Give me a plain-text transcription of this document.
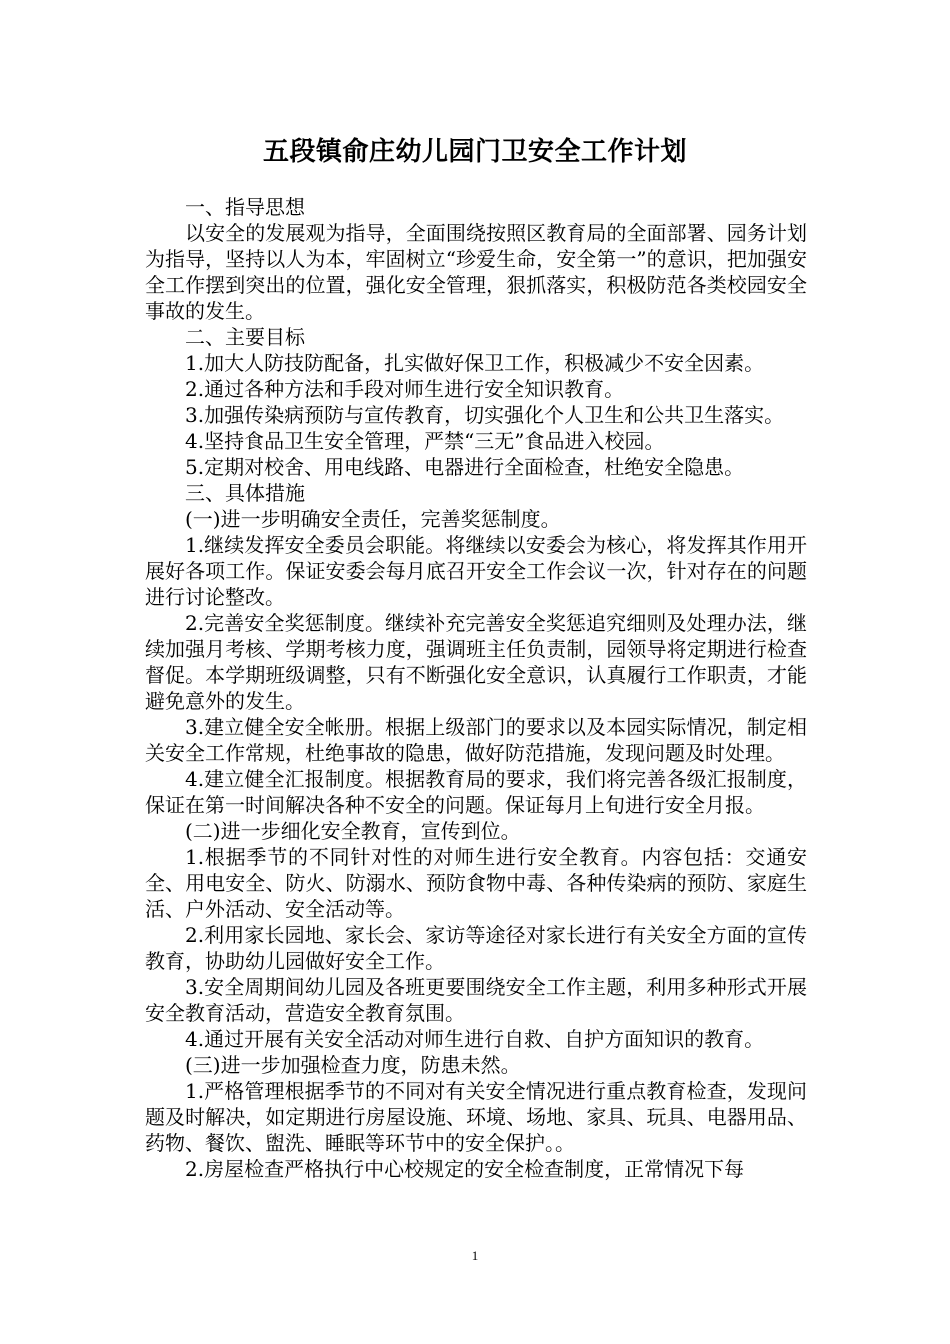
五段镇俞庄幼儿园门卫安全工作计划

一、指导思想

以安全的发展观为指导，全面围绕按照区教育局的全面部署、园务计划为指导，坚持以人为本，牢固树立“珍爱生命，安全第一”的意识，把加强安全工作摆到突出的位置，强化安全管理，狠抓落实，积极防范各类校园安全事故的发生。

二、主要目标

1.加大人防技防配备，扎实做好保卫工作，积极减少不安全因素。

2.通过各种方法和手段对师生进行安全知识教育。

3.加强传染病预防与宣传教育，切实强化个人卫生和公共卫生落实。

4.坚持食品卫生安全管理，严禁“三无”食品进入校园。

5.定期对校舍、用电线路、电器进行全面检查，杜绝安全隐患。

三、具体措施

(一)进一步明确安全责任，完善奖惩制度。

1.继续发挥安全委员会职能。将继续以安委会为核心，将发挥其作用开展好各项工作。保证安委会每月底召开安全工作会议一次，针对存在的问题进行讨论整改。

2.完善安全奖惩制度。继续补充完善安全奖惩追究细则及处理办法，继续加强月考核、学期考核力度，强调班主任负责制，园领导将定期进行检查督促。本学期班级调整，只有不断强化安全意识，认真履行工作职责，才能避免意外的发生。

3.建立健全安全帐册。根据上级部门的要求以及本园实际情况，制定相关安全工作常规，杜绝事故的隐患，做好防范措施，发现问题及时处理。

4.建立健全汇报制度。根据教育局的要求，我们将完善各级汇报制度，保证在第一时间解决各种不安全的问题。保证每月上旬进行安全月报。

(二)进一步细化安全教育，宣传到位。

1.根据季节的不同针对性的对师生进行安全教育。内容包括：交通安全、用电安全、防火、防溺水、预防食物中毒、各种传染病的预防、家庭生活、户外活动、安全活动等。

2.利用家长园地、家长会、家访等途径对家长进行有关安全方面的宣传教育，协助幼儿园做好安全工作。

3.安全周期间幼儿园及各班更要围绕安全工作主题，利用多种形式开展安全教育活动，营造安全教育氛围。

4.通过开展有关安全活动对师生进行自救、自护方面知识的教育。

(三)进一步加强检查力度，防患未然。

1.严格管理根据季节的不同对有关安全情况进行重点教育检查，发现问题及时解决，如定期进行房屋设施、环境、场地、家具、玩具、电器用品、药物、餐饮、盥洗、睡眠等环节中的安全保护。。

2.房屋检查严格执行中心校规定的安全检查制度，正常情况下每

1
